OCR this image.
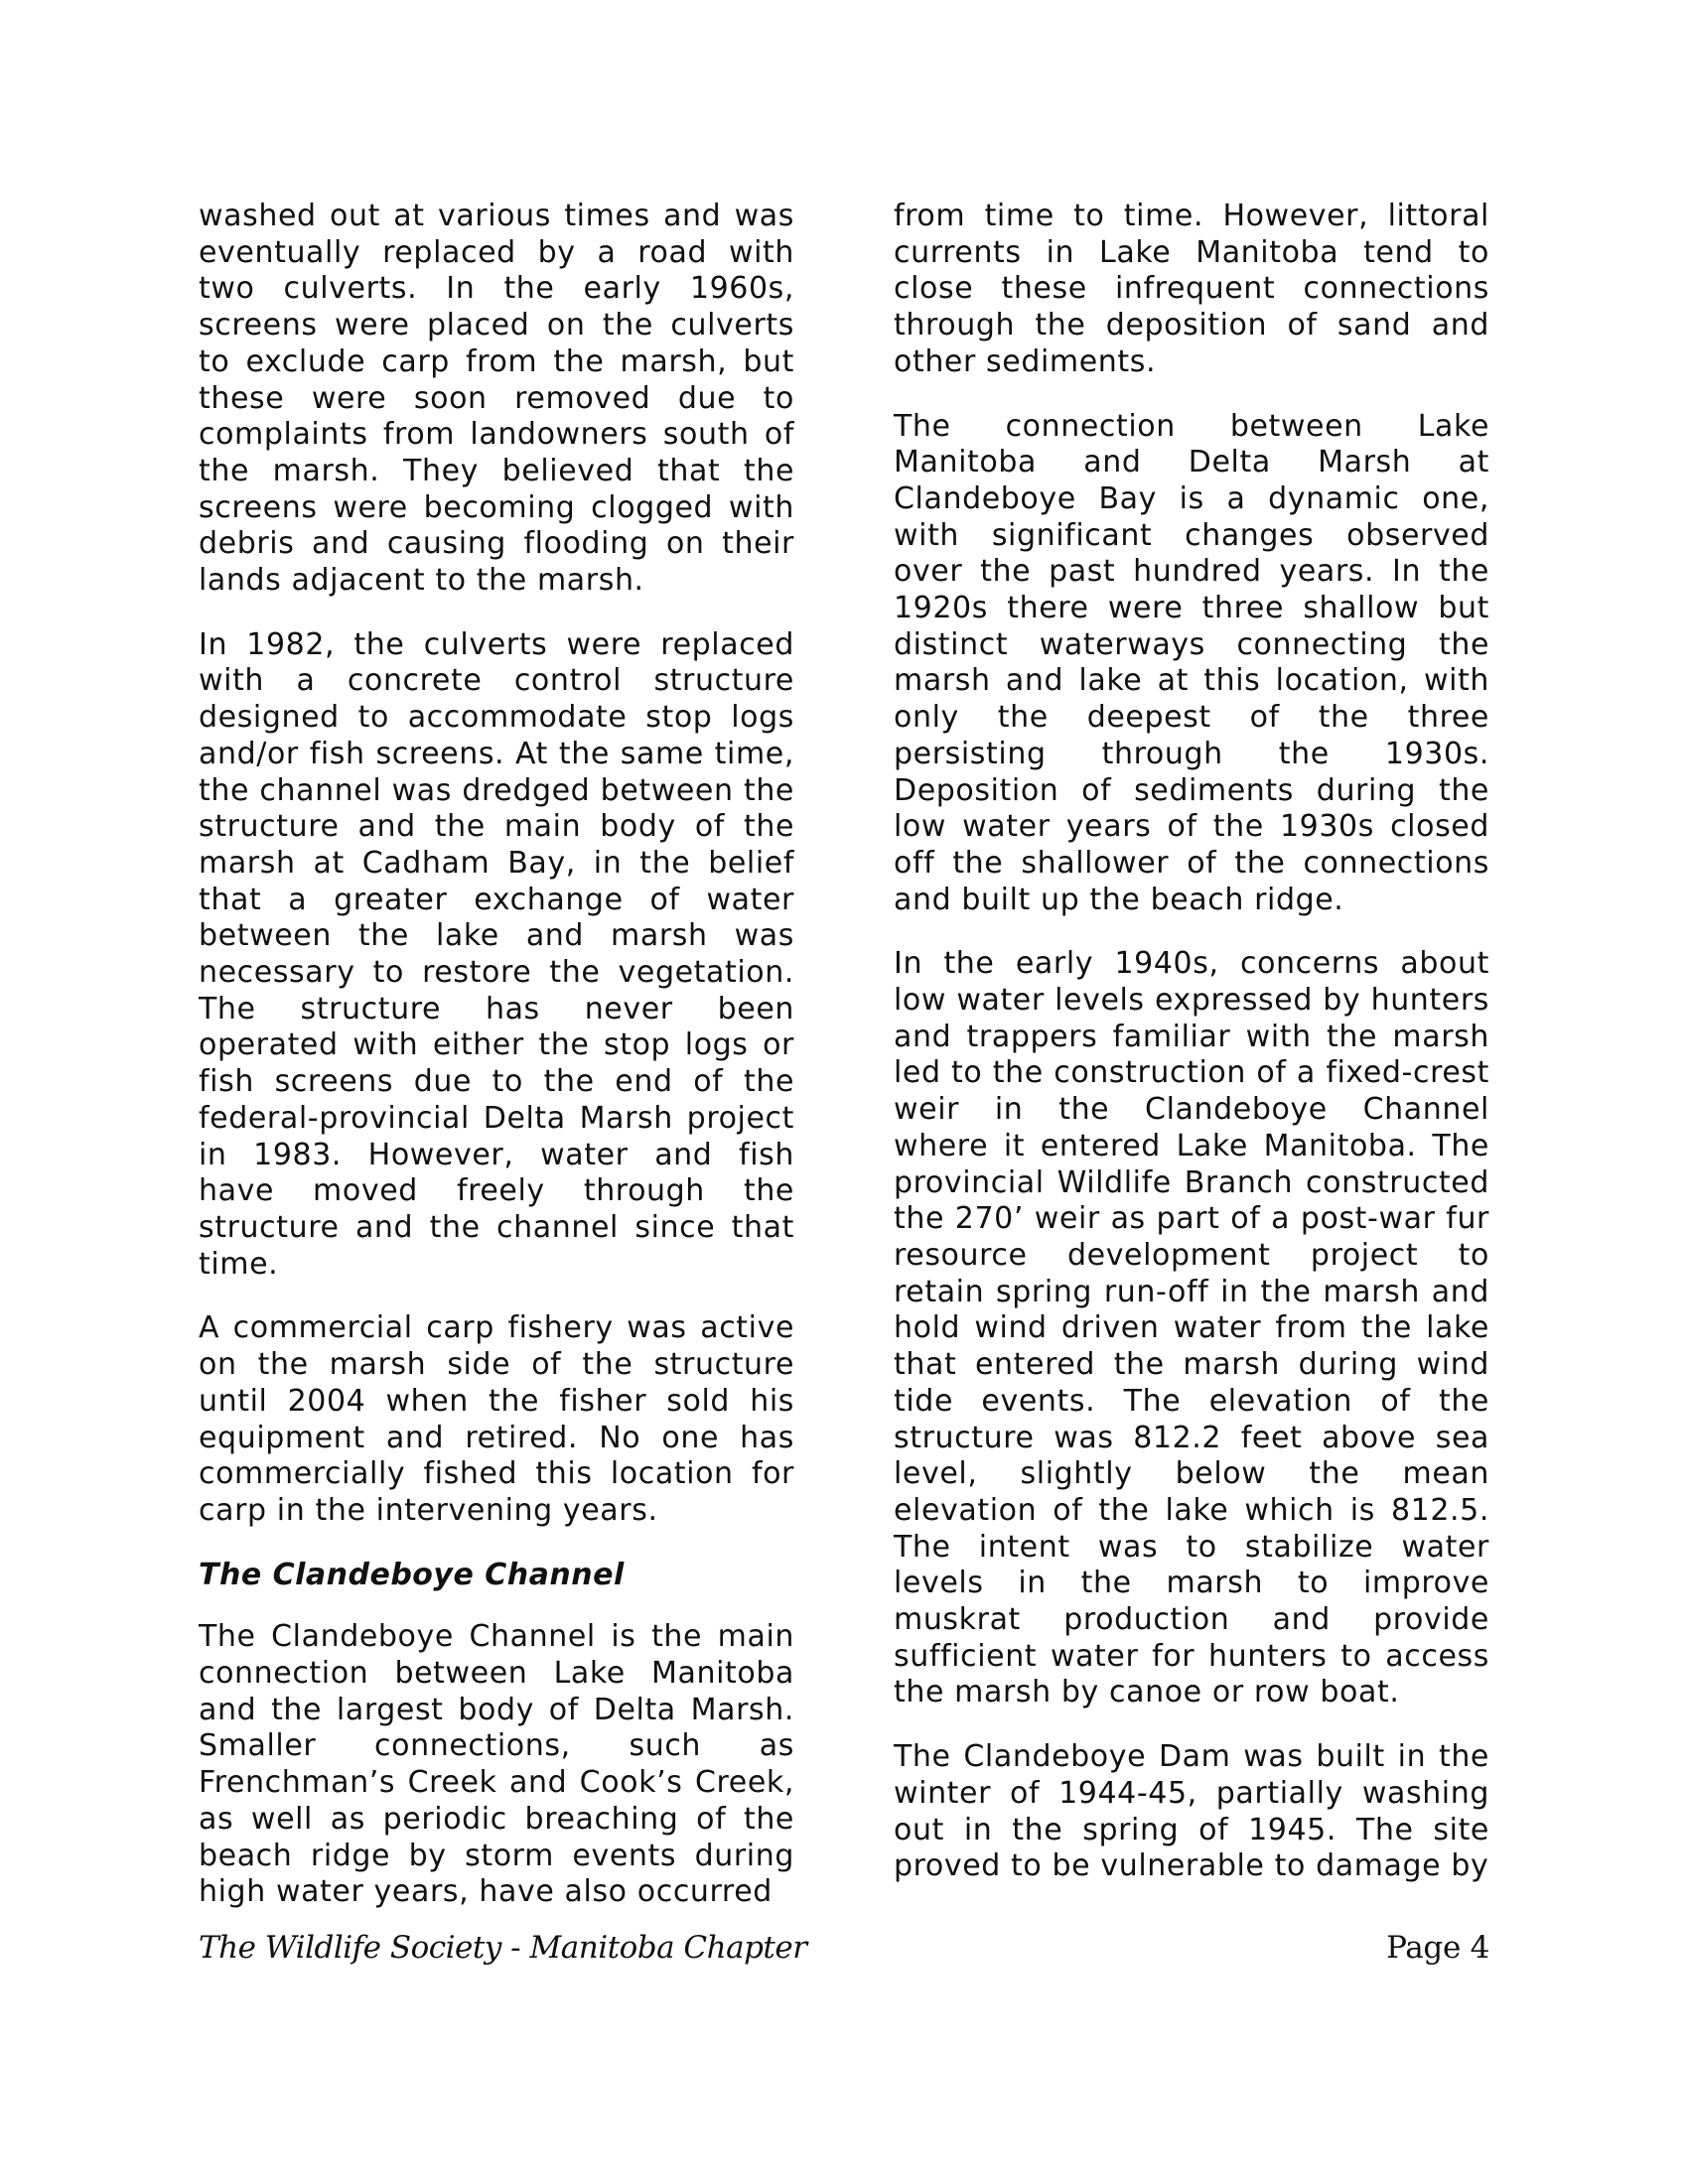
washed out at various times and was eventually replaced by a road with two culverts. In the early 1960s, screens were placed on the culverts to exclude carp from the marsh, but these were soon removed due to complaints from landowners south of the marsh. They believed that the screens were becoming clogged with debris and causing flooding on their lands adjacent to the marsh.

In 1982, the culverts were replaced with a concrete control structure designed to accommodate stop logs and/or fish screens. At the same time, the channel was dredged between the structure and the main body of the marsh at Cadham Bay, in the belief that a greater exchange of water between the lake and marsh was necessary to restore the vegetation. The structure has never been operated with either the stop logs or fish screens due to the end of the federal-provincial Delta Marsh project in 1983. However, water and fish have moved freely through the structure and the channel since that time.

A commercial carp fishery was active on the marsh side of the structure until 2004 when the fisher sold his equipment and retired. No one has commercially fished this location for carp in the intervening years.

The Clandeboye Channel

The Clandeboye Channel is the main connection between Lake Manitoba and the largest body of Delta Marsh. Smaller connections, such as Frenchman’s Creek and Cook’s Creek, as well as periodic breaching of the beach ridge by storm events during high water years, have also occurred

from time to time. However, littoral currents in Lake Manitoba tend to close these infrequent connections through the deposition of sand and other sediments.

The connection between Lake Manitoba and Delta Marsh at Clandeboye Bay is a dynamic one, with significant changes observed over the past hundred years. In the 1920s there were three shallow but distinct waterways connecting the marsh and lake at this location, with only the deepest of the three persisting through the 1930s. Deposition of sediments during the low water years of the 1930s closed off the shallower of the connections and built up the beach ridge.

In the early 1940s, concerns about low water levels expressed by hunters and trappers familiar with the marsh led to the construction of a fixed-crest weir in the Clandeboye Channel where it entered Lake Manitoba. The provincial Wildlife Branch constructed the 270’ weir as part of a post-war fur resource development project to retain spring run-off in the marsh and hold wind driven water from the lake that entered the marsh during wind tide events. The elevation of the structure was 812.2 feet above sea level, slightly below the mean elevation of the lake which is 812.5. The intent was to stabilize water levels in the marsh to improve muskrat production and provide sufficient water for hunters to access the marsh by canoe or row boat.

The Clandeboye Dam was built in the winter of 1944-45, partially washing out in the spring of 1945. The site proved to be vulnerable to damage by

The Wildlife Society - Manitoba Chapter	Page 4
